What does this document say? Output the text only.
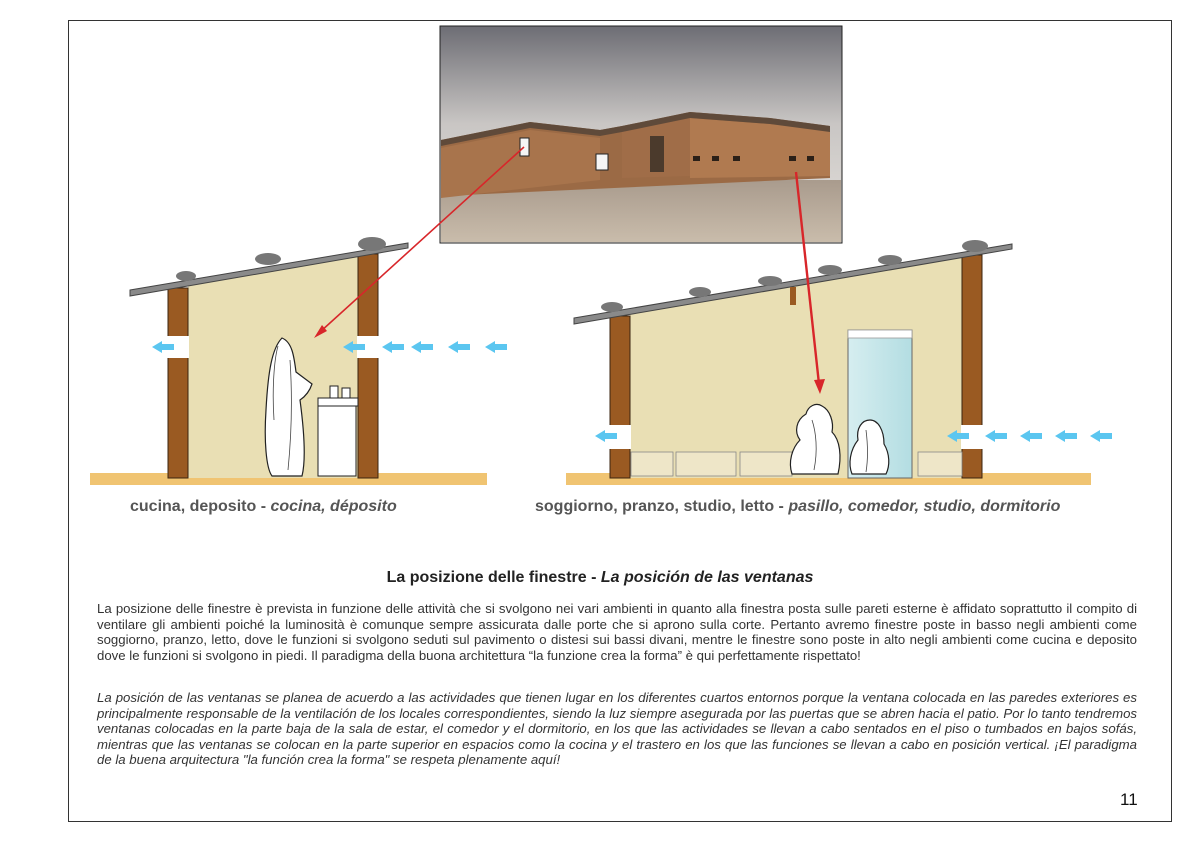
cucina, deposito - cocina, déposito	soggiorno, pranzo, studio, letto - pasillo, comedor, studio, dormitorio
La posizione delle finestre - La posición de las ventanas

La posizione delle finestre è prevista in funzione delle attività che si svolgono nei vari ambienti in quanto alla finestra posta sulle pareti esterne è affidato soprattutto il compito di ventilare gli ambienti poiché la luminosità è comunque sempre assicurata dalle porte che si aprono sulla corte. Pertanto avremo finestre poste in basso negli ambienti come soggiorno, pranzo, letto, dove le funzioni si svolgono seduti sul pavimento o distesi sui bassi divani, mentre le finestre sono poste in alto negli ambienti come cucina e deposito dove le funzioni si svolgono in piedi. Il paradigma della buona architettura “la funzione crea la forma” è qui perfettamente rispettato!

La posición de las ventanas se planea de acuerdo a las actividades que tienen lugar en los diferentes cuartos entornos porque la ventana colocada en las paredes exteriores es principalmente responsable de la ventilación de los locales correspondientes, siendo la luz siempre asegurada por las puertas que se abren hacia el patio. Por lo tanto tendremos ventanas colocadas en la parte baja de la sala de estar, el comedor y el dormitorio, en los que las actividades se llevan a cabo sentados en el piso o tumbados en bajos sofás, mientras que las ventanas se colocan en la parte superior en espacios como la cocina y el trastero en los que las funciones se llevan a cabo en posición vertical. ¡El paradigma de la buena arquitectura "la función crea la forma" se respeta plenamente aquí!

11
